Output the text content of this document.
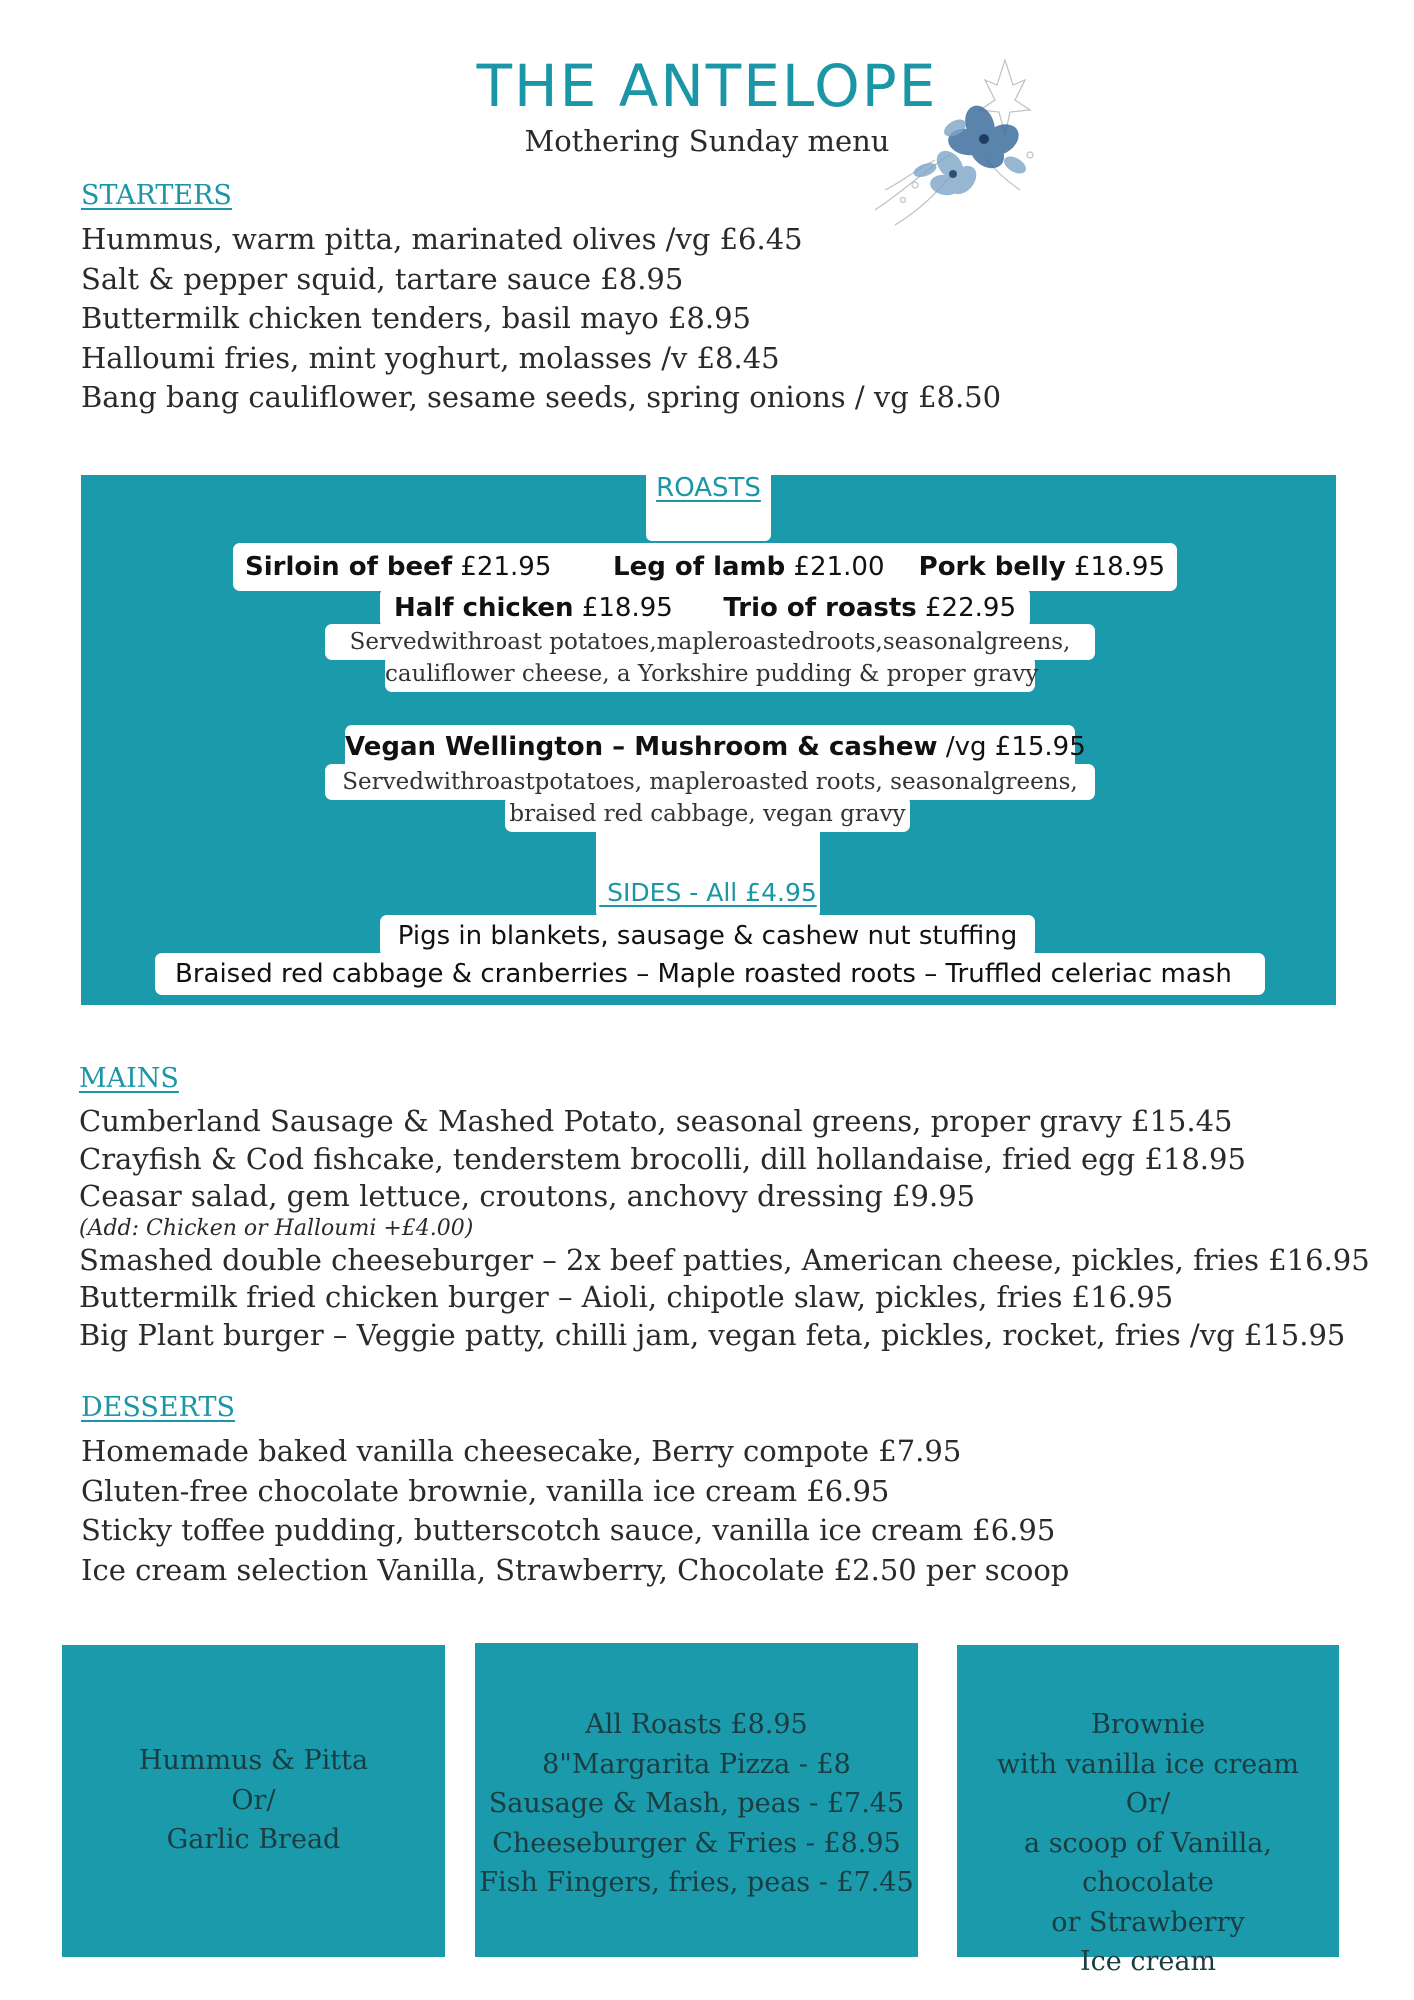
THE ANTELOPE
Mothering Sunday menu
STARTERS
Hummus, warm pitta, marinated olives /vg £6.45
Salt & pepper squid, tartare sauce £8.95
Buttermilk chicken tenders, basil mayo £8.95
Halloumi fries, mint yoghurt, molasses /v £8.45
Bang bang cauliflower, sesame seeds, spring onions / vg £8.50
ROASTS
Sirloin of beef £21.95 Leg of lamb £21.00 Pork belly £18.95
Half chicken £18.95 Trio of roasts £22.95
Servedwithroast potatoes,mapleroastedroots,seasonalgreens,
cauliflower cheese, a Yorkshire pudding & proper gravy
Vegan Wellington – Mushroom & cashew /vg £15.95
Servedwithroastpotatoes, mapleroasted roots, seasonalgreens,
braised red cabbage, vegan gravy
SIDES - All £4.95
Pigs in blankets, sausage & cashew nut stuffing
Braised red cabbage & cranberries – Maple roasted roots – Truffled celeriac mash
MAINS
Cumberland Sausage & Mashed Potato, seasonal greens, proper gravy £15.45
Crayfish & Cod fishcake, tenderstem brocolli, dill hollandaise, fried egg £18.95
Ceasar salad, gem lettuce, croutons, anchovy dressing £9.95
(Add: Chicken or Halloumi +£4.00)
Smashed double cheeseburger – 2x beef patties, American cheese, pickles, fries £16.95
Buttermilk fried chicken burger – Aioli, chipotle slaw, pickles, fries £16.95
Big Plant burger – Veggie patty, chilli jam, vegan feta, pickles, rocket, fries /vg £15.95
DESSERTS
Homemade baked vanilla cheesecake, Berry compote £7.95
Gluten-free chocolate brownie, vanilla ice cream £6.95
Sticky toffee pudding, butterscotch sauce, vanilla ice cream £6.95
Ice cream selection Vanilla, Strawberry, Chocolate £2.50 per scoop
Hummus & Pitta
Or/
Garlic Bread
All Roasts £8.95
8"Margarita Pizza - £8
Sausage & Mash, peas - £7.45
Cheeseburger & Fries - £8.95
Fish Fingers, fries, peas - £7.45
Brownie
with vanilla ice cream
Or/
a scoop of Vanilla, chocolate
or Strawberry
Ice cream
